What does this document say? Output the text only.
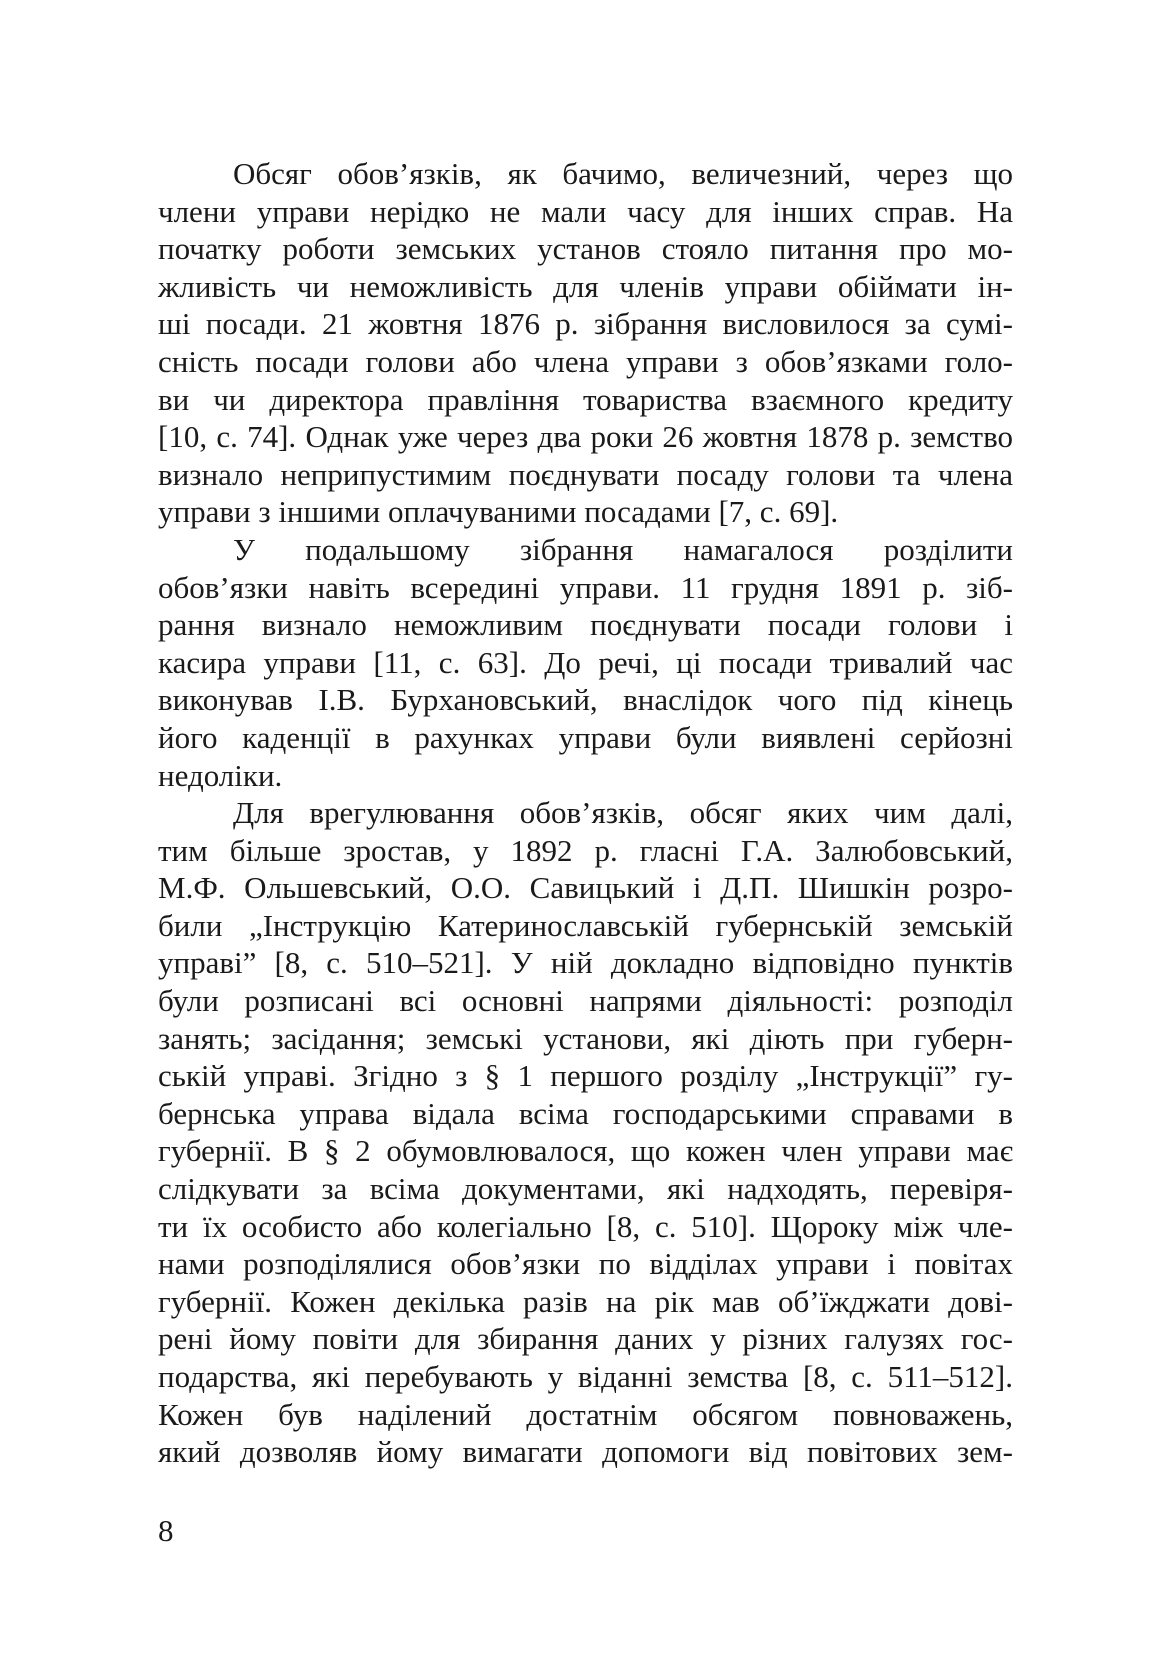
Обсяг обов’язків, як бачимо, величезний, через що
члени управи нерідко не мали часу для інших справ. На
початку роботи земських установ стояло питання про мо-
жливість чи неможливість для членів управи обіймати ін-
ші посади. 21 жовтня 1876 р. зібрання висловилося за сумі-
сність посади голови або члена управи з обов’язками голо-
ви чи директора правління товариства взаємного кредиту
[10, с. 74]. Однак уже через два роки 26 жовтня 1878 р. земство
визнало неприпустимим поєднувати посаду голови та члена
управи з іншими оплачуваними посадами [7, с. 69].
У подальшому зібрання намагалося розділити
обов’язки навіть всередині управи. 11 грудня 1891 р. зіб-
рання визнало неможливим поєднувати посади голови і
касира управи [11, с. 63]. До речі, ці посади тривалий час
виконував І.В. Бурхановський, внаслідок чого під кінець
його каденції в рахунках управи були виявлені серйозні
недоліки.
Для врегулювання обов’язків, обсяг яких чим далі,
тим більше зростав, у 1892 р. гласні Г.А. Залюбовський,
М.Ф. Ольшевський, О.О. Савицький і Д.П. Шишкін розро-
били „Інструкцію Катеринославській губернській земській
управі” [8, с. 510–521]. У ній докладно відповідно пунктів
були розписані всі основні напрями діяльності: розподіл
занять; засідання; земські установи, які діють при губерн-
ській управі. Згідно з § 1 першого розділу „Інструкції” гу-
бернська управа відала всіма господарськими справами в
губернії. В § 2 обумовлювалося, що кожен член управи має
слідкувати за всіма документами, які надходять, перевіря-
ти їх особисто або колегіально [8, с. 510]. Щороку між чле-
нами розподілялися обов’язки по відділах управи і повітах
губернії. Кожен декілька разів на рік мав об’їжджати дові-
рені йому повіти для збирання даних у різних галузях гос-
подарства, які перебувають у віданні земства [8, с. 511–512].
Кожен був наділений достатнім обсягом повноважень,
який дозволяв йому вимагати допомоги від повітових зем-
8
